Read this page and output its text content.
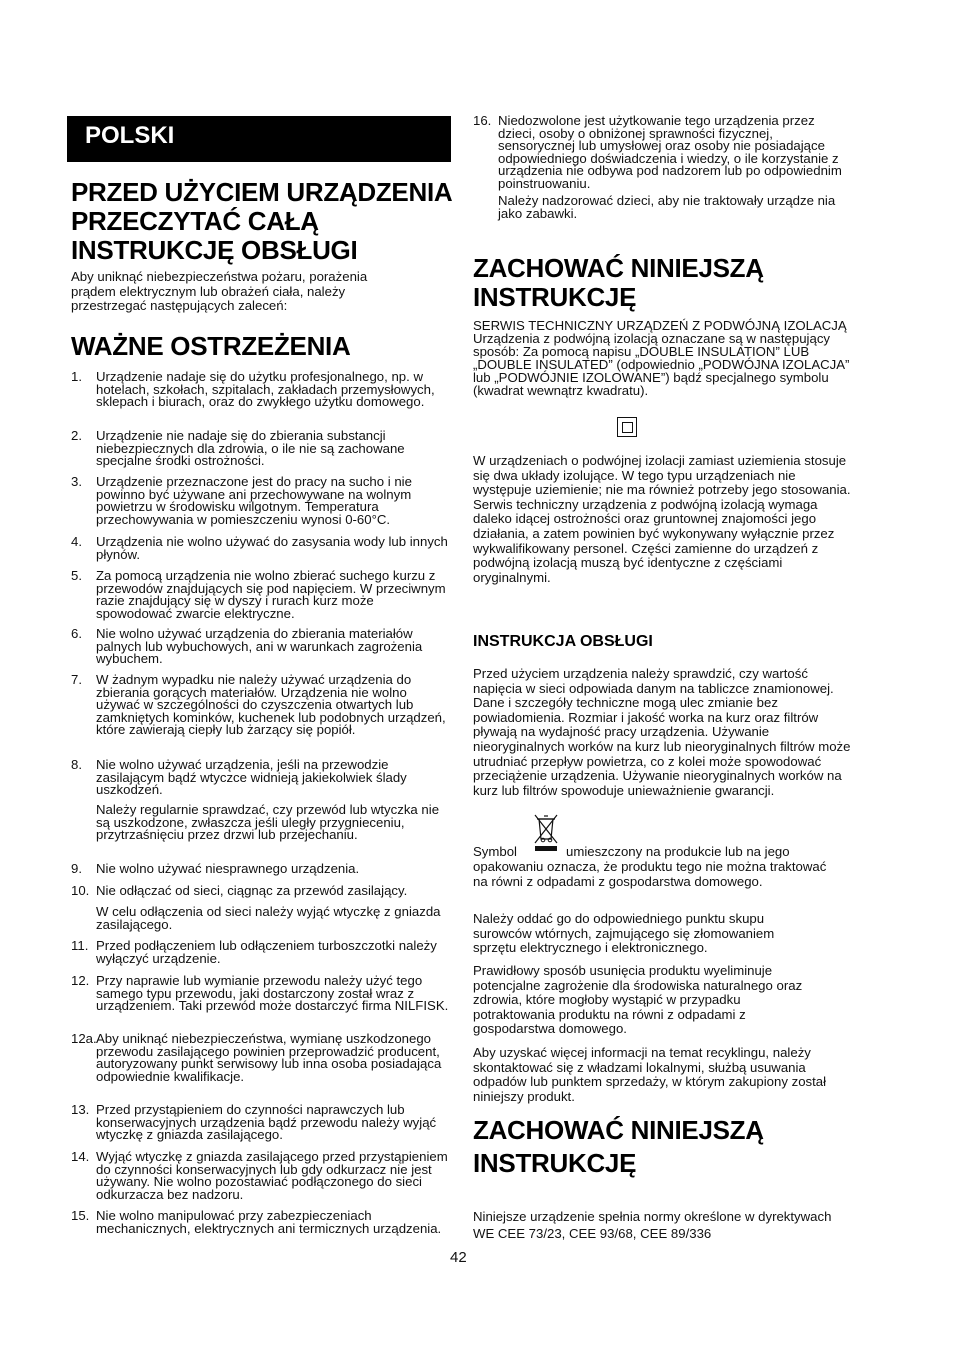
POLSKI
PRZED UŻYCIEM URZĄDZENIA PRZECZYTAĆ CAŁĄ INSTRUKCJĘ OBSŁUGI
Aby uniknąć niebezpieczeństwa pożaru, porażenia prądem elektrycznym lub obrażeń ciała, należy przestrzegać następujących zaleceń:
WAŻNE OSTRZEŻENIA
1. Urządzenie nadaje się do użytku profesjonalnego, np. w hotelach, szkołach, szpitalach, zakładach przemysłowych, sklepach i biurach, oraz do zwykłego użytku domowego.
2. Urządzenie nie nadaje się do zbierania substancji niebezpiecznych dla zdrowia, o ile nie są zachowane specjalne środki ostrożności.
3. Urządzenie przeznaczone jest do pracy na sucho i nie powinno być używane ani przechowywane na wolnym powietrzu w środowisku wilgotnym. Temperatura przechowywania w pomieszczeniu wynosi 0-60°C.
4. Urządzenia nie wolno używać do zasysania wody lub innych płynów.
5. Za pomocą urządzenia nie wolno zbierać suchego kurzu z przewodów znajdujących się pod napięciem. W przeciwnym razie znajdujący się w dyszy i rurach kurz może spowodować zwarcie elektryczne.
6. Nie wolno używać urządzenia do zbierania materiałów palnych lub wybuchowych, ani w warunkach zagrożenia wybuchem.
7. W żadnym wypadku nie należy używać urządzenia do zbierania gorących materiałów. Urządzenia nie wolno używać w szczególności do czyszczenia otwartych lub zamkniętych kominków, kuchenek lub podobnych urządzeń, które zawierają ciepły lub żarzący się popiół.
8. Nie wolno używać urządzenia, jeśli na przewodzie zasilającym bądź wtyczce widnieją jakiekolwiek ślady uszkodzeń.
Należy regularnie sprawdzać, czy przewód lub wtyczka nie są uszkodzone, zwłaszcza jeśli uległy przygnieceniu, przytrzaśnięciu przez drzwi lub przejechaniu.
9. Nie wolno używać niesprawnego urządzenia.
10. Nie odłączać od sieci, ciągnąc za przewód zasilający.
W celu odłączenia od sieci należy wyjąć wtyczkę z gniazda zasilającego.
11. Przed podłączeniem lub odłączeniem turboszczotki należy wyłączyć urządzenie.
12. Przy naprawie lub wymianie przewodu należy użyć tego samego typu przewodu, jaki dostarczony został wraz z urządzeniem. Taki przewód może dostarczyć firma NILFISK.
12a. Aby uniknąć niebezpieczeństwa, wymianę uszkodzonego przewodu zasilającego powinien przeprowadzić producent, autoryzowany punkt serwisowy lub inna osoba posiadająca odpowiednie kwalifikacje.
13. Przed przystąpieniem do czynności naprawczych lub konserwacyjnych urządzenia bądź przewodu należy wyjąć wtyczkę z gniazda zasilającego.
14. Wyjąć wtyczkę z gniazda zasilającego przed przystąpieniem do czynności konserwacyjnych lub gdy odkurzacz nie jest używany. Nie wolno pozostawiać podłączonego do sieci odkurzacza bez nadzoru.
15. Nie wolno manipulować przy zabezpieczeniach mechanicznych, elektrycznych ani termicznych urządzenia.
16. Niedozwolone jest użytkowanie tego urządzenia przez dzieci, osoby o obniżonej sprawności fizycznej, sensorycznej lub umysłowej oraz osoby nie posiadające odpowiedniego doświadczenia i wiedzy, o ile korzystanie z urządzenia nie odbywa pod nadzorem lub po odpowiednim poinstruowaniu.
Należy nadzorować dzieci, aby nie traktowały urządze nia jako zabawki.
ZACHOWAĆ NINIEJSZĄ INSTRUKCJĘ
SERWIS TECHNICZNY URZĄDZEŃ Z PODWÓJNĄ IZOLACJĄ Urządzenia z podwójną izolacją oznaczane są w następujący sposób: Za pomocą napisu „DOUBLE INSULATION” LUB „DOUBLE INSULATED” (odpowiednio „PODWÓJNA IZOLACJA” lub „PODWÓJNIE IZOLOWANE”) bądź specjalnego symbolu (kwadrat wewnątrz kwadratu).
W urządzeniach o podwójnej izolacji zamiast uziemienia stosuje się dwa układy izolujące. W tego typu urządzeniach nie występuje uziemienie; nie ma również potrzeby jego stosowania. Serwis techniczny urządzenia z podwójną izolacją wymaga daleko idącej ostrożności oraz gruntownej znajomości jego działania, a zatem powinien być wykonywany wyłącznie przez wykwalifikowany personel. Części zamienne do urządzeń z podwójną izolacją muszą być identyczne z częściami oryginalnymi.
INSTRUKCJA OBSŁUGI
Przed użyciem urządzenia należy sprawdzić, czy wartość napięcia w sieci odpowiada danym na tabliczce znamionowej. Dane i szczegóły techniczne mogą ulec zmianie bez powiadomienia. Rozmiar i jakość worka na kurz oraz filtrów pływają na wydajność pracy urządzenia. Używanie nieoryginalnych worków na kurz lub nieoryginalnych filtrów może utrudniać przepływ powietrza, co z kolei może spowodować przeciążenie urządzenia. Używanie nieoryginalnych worków na kurz lub filtrów spowoduje unieważnienie gwarancji.
Symbol	umieszczony na produkcie lub na jego
opakowaniu oznacza, że produktu tego nie można traktować na równi z odpadami z gospodarstwa domowego.
Należy oddać go do odpowiedniego punktu skupu surowców wtórnych, zajmującego się złomowaniem sprzętu elektrycznego i elektronicznego.
Prawidłowy sposób usunięcia produktu wyeliminuje potencjalne zagrożenie dla środowiska naturalnego oraz zdrowia, które mogłoby wystąpić w przypadku potraktowania produktu na równi z odpadami z gospodarstwa domowego.
Aby uzyskać więcej informacji na temat recyklingu, należy skontaktować się z władzami lokalnymi, służbą usuwania odpadów lub punktem sprzedaży, w którym zakupiony został niniejszy produkt.
ZACHOWAĆ NINIEJSZĄ INSTRUKCJĘ
Niniejsze urządzenie spełnia normy określone w dyrektywach WE CEE 73/23, CEE 93/68, CEE 89/336
42
